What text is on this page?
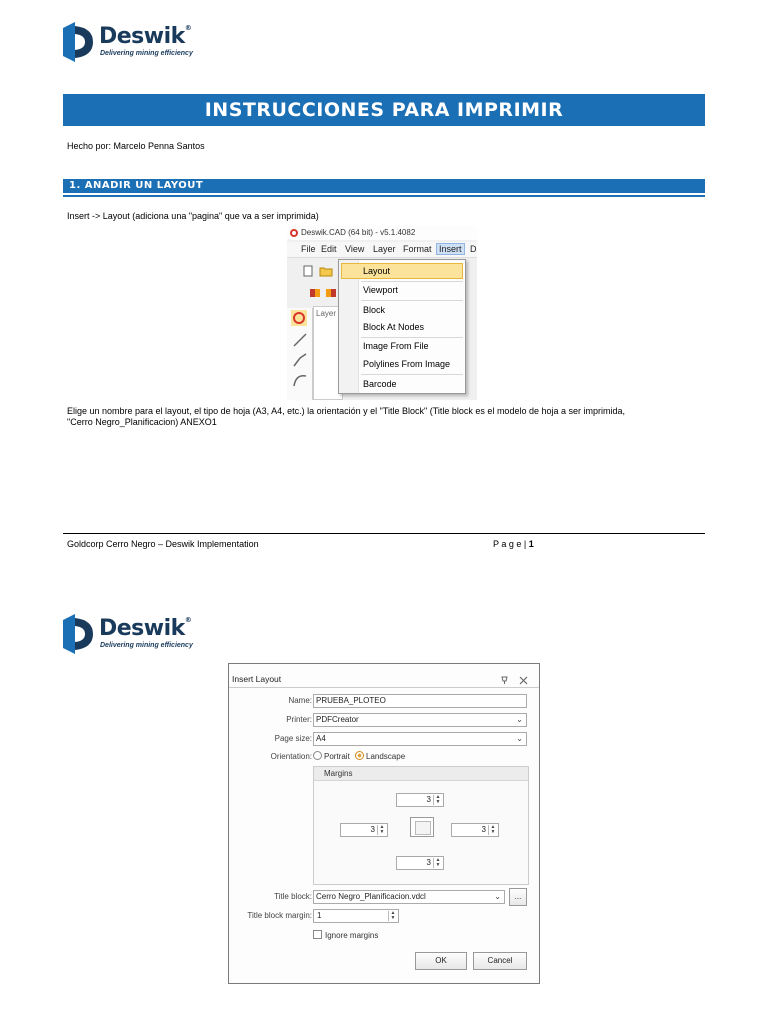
Deswik®
Delivering mining efficiency
INSTRUCCIONES PARA IMPRIMIR
Hecho por: Marcelo Penna Santos
1. ANADIR UN LAYOUT
Insert -> Layout (adiciona una "pagina" que va a ser imprimida)
Deswik.CAD (64 bit) - v5.1.4082
File Edit View Layer Format Insert D
Layer
Layout
Viewport
Block
Block At Nodes
Image From File
Polylines From Image
Barcode
Elige un nombre para el layout, el tipo de hoja (A3, A4, etc.) la orientación y el "Title Block" (Title block es el modelo de hoja a ser imprimida,
"Cerro Negro_Planificacion) ANEXO1
Goldcorp Cerro Negro – Deswik Implementation	P a g e | 1
Deswik®
Delivering mining efficiency
Insert Layout
Name: PRUEBA_PLOTEO
Printer: PDFCreator	⌄
Page size: A4	⌄
Orientation:	Portrait	Landscape
Margins
3 ▲
▼
3 ▲
▼	3 ▲
▼
3 ▲
▼
Title block: Cerro Negro_Planificacion.vdcl	⌄	...
Title block margin: 1	▲
▼
Ignore margins
OK	Cancel
